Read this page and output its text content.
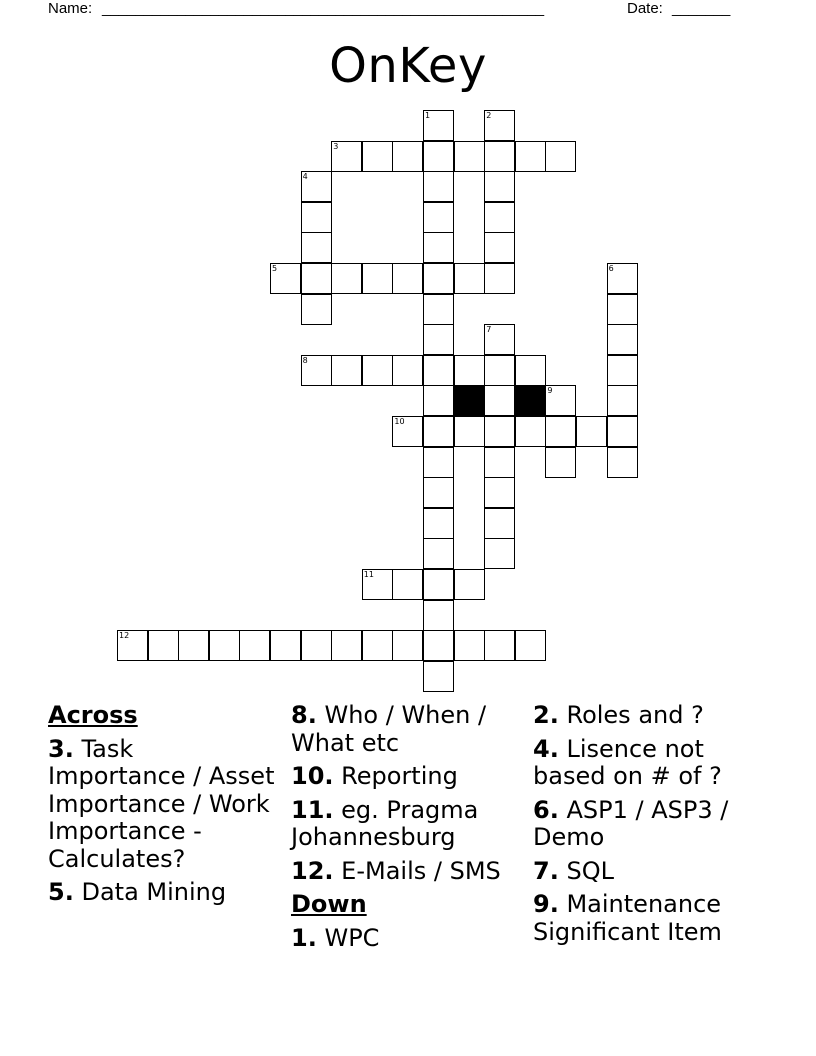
Name: _____________________________________________________	Date: _______
OnKey
1	2
3
4
5	6
7
8
9
10
11
12
Across
3. Task Importance / Asset Importance / Work Importance - Calculates?
5. Data Mining
8. Who / When / What etc
10. Reporting
11. eg. Pragma Johannesburg
12. E-Mails / SMS
Down
1. WPC
2. Roles and ?
4. Lisence not based on # of ?
6. ASP1 / ASP3 / Demo
7. SQL
9. Maintenance Significant Item
